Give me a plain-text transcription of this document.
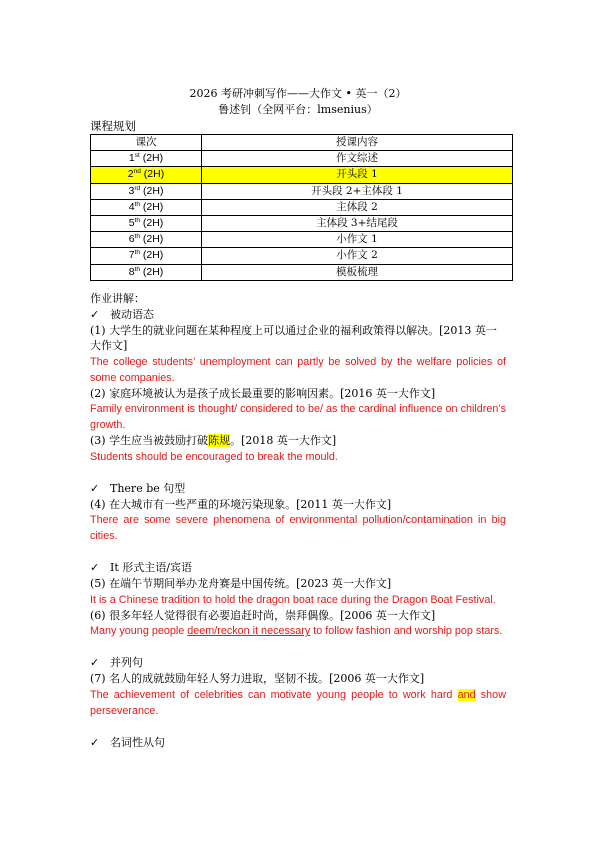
2026 考研冲刺写作——大作文 • 英一（2）
鲁述钊（全网平台：lmsenius）
课程规划
课次	授课内容
1st (2H)	作文综述
2nd (2H)	开头段 1
3rd (2H)	开头段 2+主体段 1
4th (2H)	主体段 2
5th (2H)	主体段 3+结尾段
6th (2H)	小作文 1
7th (2H)	小作文 2
8th (2H)	模板梳理
作业讲解：
✓ 被动语态
(1) 大学生的就业问题在某种程度上可以通过企业的福利政策得以解决。[2013 英一大作文]
The college students’ unemployment can partly be solved by the welfare policies of some companies.
(2) 家庭环境被认为是孩子成长最重要的影响因素。[2016 英一大作文]
Family environment is thought/ considered to be/ as the cardinal influence on children’s growth.
(3) 学生应当被鼓励打破陈规。[2018 英一大作文]
Students should be encouraged to break the mould.
✓ There be 句型
(4) 在大城市有一些严重的环境污染现象。[2011 英一大作文]
There are some severe phenomena of environmental pollution/contamination in big cities.
✓ It 形式主语/宾语
(5) 在端午节期间举办龙舟赛是中国传统。[2023 英一大作文]
It is a Chinese tradition to hold the dragon boat race during the Dragon Boat Festival.
(6) 很多年轻人觉得很有必要追赶时尚，崇拜偶像。[2006 英一大作文]
Many young people deem/reckon it necessary to follow fashion and worship pop stars.
✓ 并列句
(7) 名人的成就鼓励年轻人努力进取，坚韧不拔。[2006 英一大作文]
The achievement of celebrities can motivate young people to work hard and show perseverance.
✓ 名词性从句
